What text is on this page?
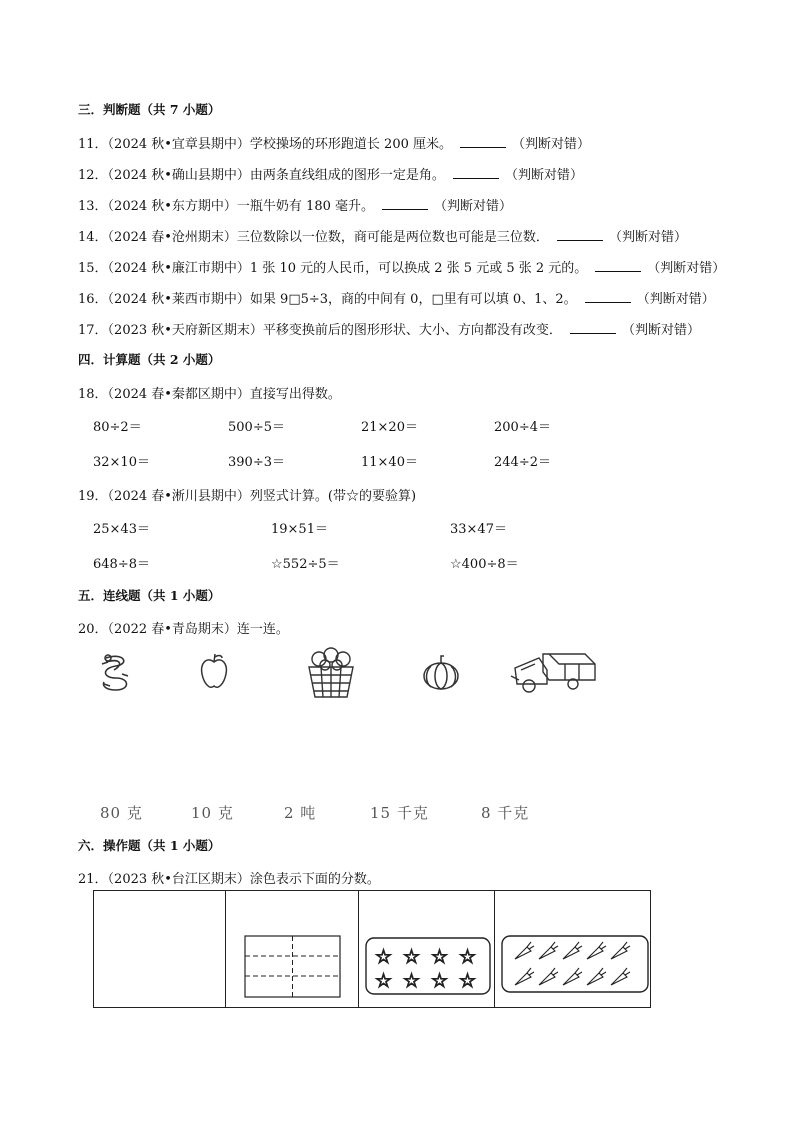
三．判断题（共 7 小题）
11．（2024 秋•宜章县期中）学校操场的环形跑道长 200 厘米。	（判断对错）
12．（2024 秋•确山县期中）由两条直线组成的图形一定是角。	（判断对错）
13．（2024 秋•东方期中）一瓶牛奶有 180 毫升。	（判断对错）
14．（2024 春•沧州期末）三位数除以一位数，商可能是两位数也可能是三位数．	（判断对错）
15．（2024 秋•廉江市期中）1 张 10 元的人民币，可以换成 2 张 5 元或 5 张 2 元的。	（判断对错）
16．（2024 秋•莱西市期中）如果 9□5÷3，商的中间有 0，□里有可以填 0、1、2。	（判断对错）
17．（2023 秋•天府新区期末）平移变换前后的图形形状、大小、方向都没有改变．	（判断对错）
四．计算题（共 2 小题）
18．（2024 春•秦都区期中）直接写出得数。
80÷2＝	500÷5＝	21×20＝	200÷4＝
32×10＝	390÷3＝	11×40＝	244÷2＝
19．（2024 春•淅川县期中）列竖式计算。(带☆的要验算)
25×43＝	19×51＝	33×47＝
648÷8＝	☆552÷5＝	☆400÷8＝
五．连线题（共 1 小题）
20．（2022 春•青岛期末）连一连。
80 克	10 克	2 吨	15 千克	8 千克
六．操作题（共 1 小题）
21．（2023 秋•台江区期末）涂色表示下面的分数。
☆ ☆ ☆ ☆
☆ ☆ ☆ ☆
